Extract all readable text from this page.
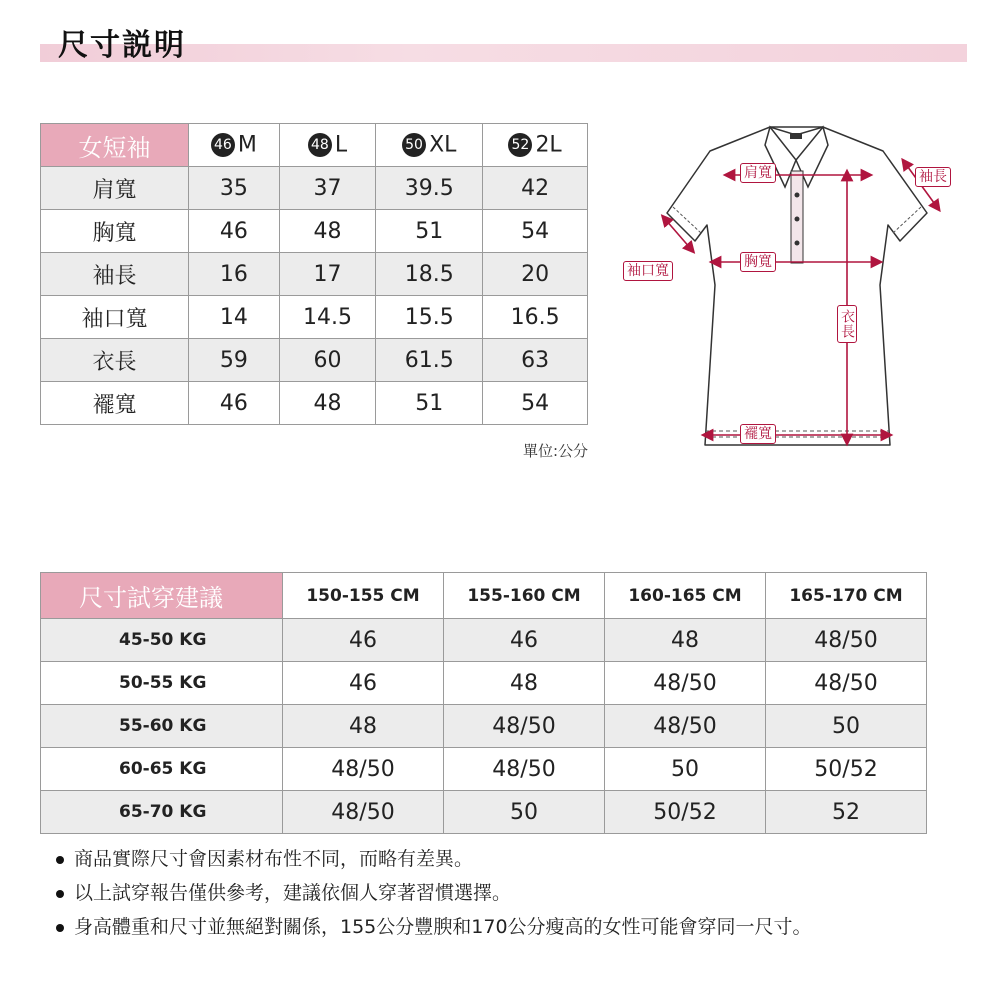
尺寸説明
女短袖	46 M	48 L	50 XL	52 2L
肩寬	35	37	39.5	42
胸寬	46	48	51	54
袖長	16	17	18.5	20
袖口寬	14	14.5	15.5	16.5
衣長	59	60	61.5	63
襬寬	46	48	51	54
單位:公分
肩寬	袖長
袖口寬
胸寬
衣長
襬寬
尺寸試穿建議	150-155 CM	155-160 CM	160-165 CM	165-170 CM
45-50 KG	46	46	48	48/50
50-55 KG	46	48	48/50	48/50
55-60 KG	48	48/50	48/50	50
60-65 KG	48/50	48/50	50	50/52
65-70 KG	48/50	50	50/52	52
商品實際尺寸會因素材布性不同，而略有差異。
以上試穿報告僅供參考，建議依個人穿著習慣選擇。
身高體重和尺寸並無絕對關係，155公分豐腴和170公分瘦高的女性可能會穿同一尺寸。
